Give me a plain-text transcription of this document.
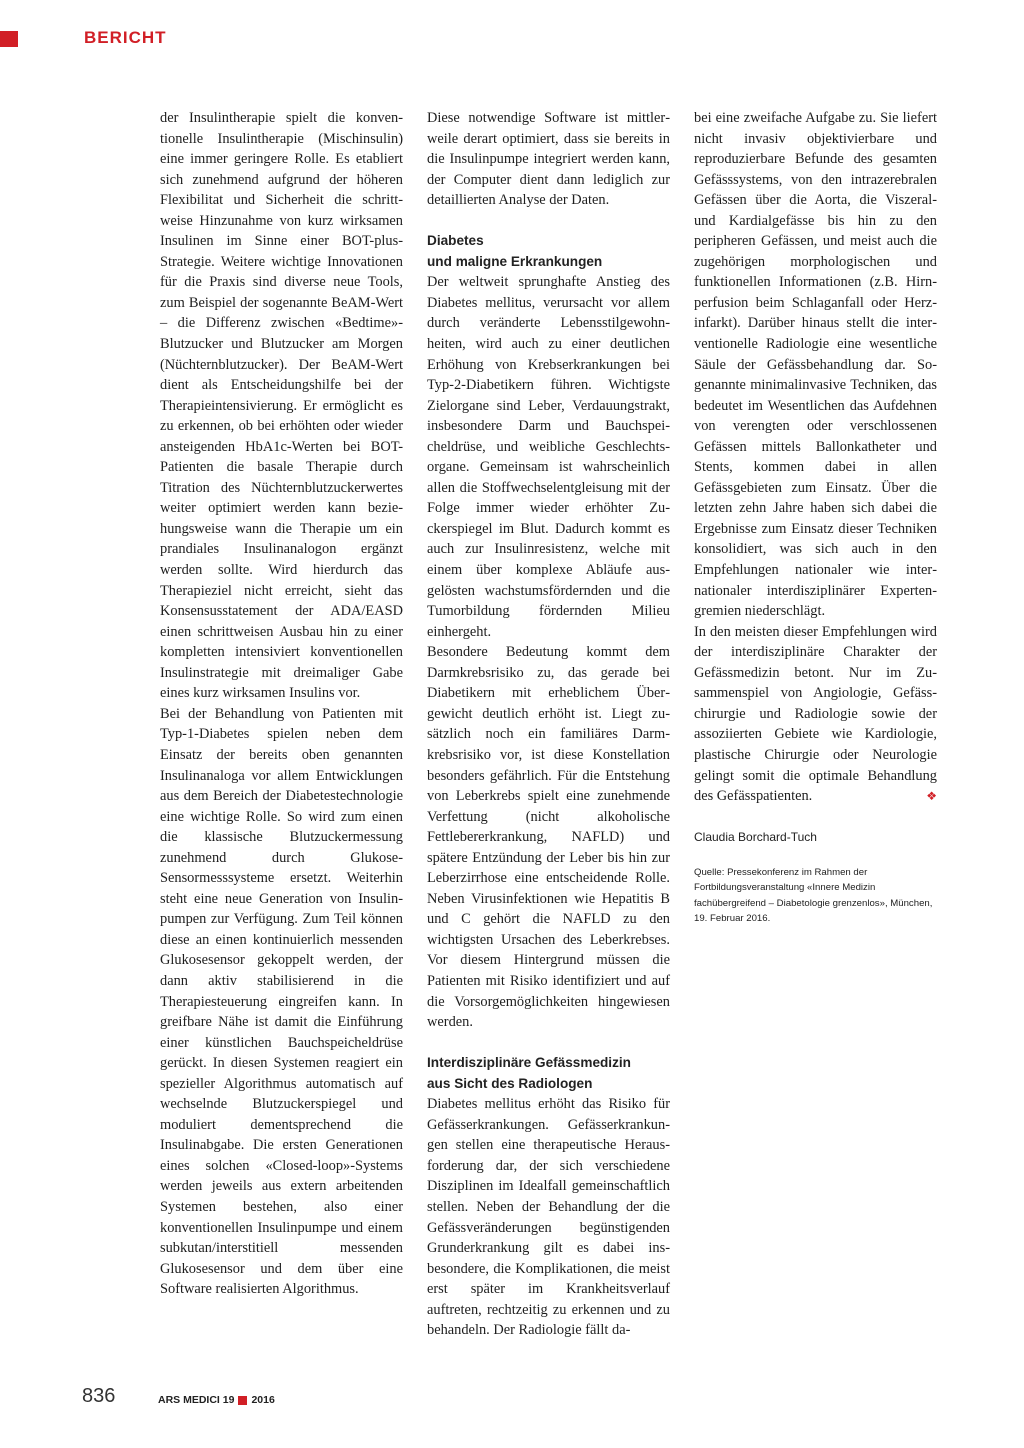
BERICHT

der Insulintherapie spielt die konventionelle Insulintherapie (Mischinsulin) eine immer geringere Rolle. Es etabliert sich zunehmend aufgrund der höheren Flexibilitat und Sicherheit die schrittweise Hinzunahme von kurz wirksamen Insulinen im Sinne einer BOT-plus-Strategie. Weitere wichtige Innovationen für die Praxis sind diverse neue Tools, zum Beispiel der sogenannte BeAM-Wert – die Differenz zwischen «Bedtime»-Blutzucker und Blutzucker am Morgen (Nüchternblutzucker). Der BeAM-Wert dient als Entscheidungshilfe bei der Therapieintensivierung. Er ermöglicht es zu erkennen, ob bei erhöhten oder wieder ansteigenden HbA1c-Werten bei BOT-Patienten die basale Therapie durch Titration des Nüchternblutzuckerwertes weiter optimiert werden kann beziehungsweise wann die Therapie um ein prandiales Insulinanalogon ergänzt werden sollte. Wird hierdurch das Therapieziel nicht erreicht, sieht das Konsensusstatement der ADA/EASD einen schrittweisen Ausbau hin zu einer kompletten intensiviert konventionellen Insulinstrategie mit dreimaliger Gabe eines kurz wirksamen Insulins vor.

Bei der Behandlung von Patienten mit Typ-1-Diabetes spielen neben dem Einsatz der bereits oben genannten Insulinanaloga vor allem Entwicklungen aus dem Bereich der Diabetestechnologie eine wichtige Rolle. So wird zum einen die klassische Blutzuckermessung zunehmend durch Glukose-Sensormesssysteme ersetzt. Weiterhin steht eine neue Generation von Insulinpumpen zur Verfügung. Zum Teil können diese an einen kontinuierlich messenden Glukosesensor gekoppelt werden, der dann aktiv stabilisierend in die Therapiesteuerung eingreifen kann. In greifbare Nähe ist damit die Einführung einer künstlichen Bauchspeicheldrüse gerückt. In diesen Systemen reagiert ein spezieller Algorithmus automatisch auf wechselnde Blutzuckerspiegel und moduliert dementsprechend die Insulinabgabe. Die ersten Generationen eines solchen «Closed-loop»-Systems werden jeweils aus extern arbeitenden Systemen bestehen, also einer konventionellen Insulinpumpe und einem subkutan/interstitiell messenden Glukosesensor und dem über eine Software realisierten Algorithmus.

Diese notwendige Software ist mittlerweile derart optimiert, dass sie bereits in die Insulinpumpe integriert werden kann, der Computer dient dann lediglich zur detaillierten Analyse der Daten.

Diabetes
und maligne Erkrankungen

Der weltweit sprunghafte Anstieg des Diabetes mellitus, verursacht vor allem durch veränderte Lebensstilgewohnheiten, wird auch zu einer deutlichen Erhöhung von Krebserkrankungen bei Typ-2-Diabetikern führen. Wichtigste Zielorgane sind Leber, Verdauungstrakt, insbesondere Darm und Bauchspeicheldrüse, und weibliche Geschlechtsorgane. Gemeinsam ist wahrscheinlich allen die Stoffwechselentgleisung mit der Folge immer wieder erhöhter Zuckerspiegel im Blut. Dadurch kommt es auch zur Insulinresistenz, welche mit einem über komplexe Abläufe ausgelösten wachstumsfördernden und die Tumorbildung fördernden Milieu einhergeht.

Besondere Bedeutung kommt dem Darmkrebsrisiko zu, das gerade bei Diabetikern mit erheblichem Übergewicht deutlich erhöht ist. Liegt zusätzlich noch ein familiäres Darmkrebsrisiko vor, ist diese Konstellation besonders gefährlich. Für die Entstehung von Leberkrebs spielt eine zunehmende Verfettung (nicht alkoholische Fettlebererkrankung, NAFLD) und spätere Entzündung der Leber bis hin zur Leberzirrhose eine entscheidende Rolle. Neben Virusinfektionen wie Hepatitis B und C gehört die NAFLD zu den wichtigsten Ursachen des Leberkrebses. Vor diesem Hintergrund müssen die Patienten mit Risiko identifiziert und auf die Vorsorgemöglichkeiten hingewiesen werden.

Interdisziplinäre Gefässmedizin
aus Sicht des Radiologen

Diabetes mellitus erhöht das Risiko für Gefässerkrankungen. Gefässerkrankungen stellen eine therapeutische Herausforderung dar, der sich verschiedene Disziplinen im Idealfall gemeinschaftlich stellen. Neben der Behandlung der die Gefässveränderungen begünstigenden Grunderkrankung gilt es dabei insbesondere, die Komplikationen, die meist erst später im Krankheitsverlauf auftreten, rechtzeitig zu erkennen und zu behandeln. Der Radiologie fällt da-

bei eine zweifache Aufgabe zu. Sie liefert nicht invasiv objektivierbare und reproduzierbare Befunde des gesamten Gefässsystems, von den intrazerebralen Gefässen über die Aorta, die Viszeral- und Kardialgefässe bis hin zu den peripheren Gefässen, und meist auch die zugehörigen morphologischen und funktionellen Informationen (z.B. Hirnperfusion beim Schlaganfall oder Herzinfarkt). Darüber hinaus stellt die interventionelle Radiologie eine wesentliche Säule der Gefässbehandlung dar. Sogenannte minimalinvasive Techniken, das bedeutet im Wesentlichen das Aufdehnen von verengten oder verschlossenen Gefässen mittels Ballonkatheter und Stents, kommen dabei in allen Gefässgebieten zum Einsatz. Über die letzten zehn Jahre haben sich dabei die Ergebnisse zum Einsatz dieser Techniken konsolidiert, was sich auch in den Empfehlungen nationaler wie internationaler interdisziplinärer Expertengremien niederschlägt.

In den meisten dieser Empfehlungen wird der interdisziplinäre Charakter der Gefässmedizin betont. Nur im Zusammenspiel von Angiologie, Gefässchirurgie und Radiologie sowie der assoziierten Gebiete wie Kardiologie, plastische Chirurgie oder Neurologie gelingt somit die optimale Behandlung des Gefässpatienten.	❖

Claudia Borchard-Tuch
Quelle: Pressekonferenz im Rahmen der Fortbildungsveranstaltung «Innere Medizin fachübergreifend – Diabetologie grenzenlos», München, 19. Februar 2016.
836	ARS MEDICI 19 2016
